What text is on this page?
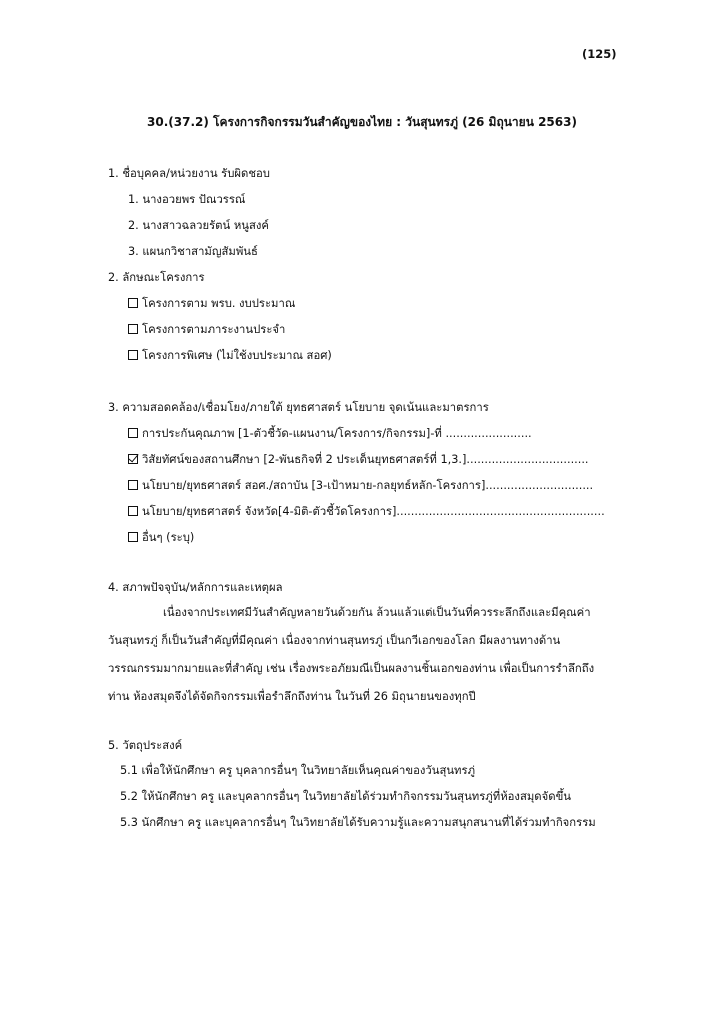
(125)
30.(37.2) โครงการกิจกรรมวันสำคัญของไทย : วันสุนทรภู่ (26 มิถุนายน 2563)
1. ชื่อบุคคล/หน่วยงาน รับผิดชอบ
1. นางอวยพร ปัณวรรณ์
2. นางสาวฉลวยรัตน์ หนูสงค์
3. แผนกวิชาสามัญสัมพันธ์
2. ลักษณะโครงการ
โครงการตาม พรบ. งบประมาณ
โครงการตามภาระงานประจำ
โครงการพิเศษ (ไม่ใช้งบประมาณ สอศ)
3. ความสอดคล้อง/เชื่อมโยง/ภายใต้ ยุทธศาสตร์ นโยบาย จุดเน้นและมาตรการ
การประกันคุณภาพ [1-ตัวชี้วัด-แผนงาน/โครงการ/กิจกรรม]-ที่ ........................
วิสัยทัศน์ของสถานศึกษา [2-พันธกิจที่ 2 ประเด็นยุทธศาสตร์ที่ 1,3.]..................................
นโยบาย/ยุทธศาสตร์ สอศ./สถาบัน [3-เป้าหมาย-กลยุทธ์หลัก-โครงการ]..............................
นโยบาย/ยุทธศาสตร์ จังหวัด[4-มิติ-ตัวชี้วัดโครงการ]..........................................................
อื่นๆ (ระบุ)
4. สภาพปัจจุบัน/หลักการและเหตุผล
เนื่องจากประเทศมีวันสำคัญหลายวันด้วยกัน ล้วนแล้วแต่เป็นวันที่ควรระลึกถึงและมีคุณค่า
วันสุนทรภู่ ก็เป็นวันสำคัญที่มีคุณค่า เนื่องจากท่านสุนทรภู่ เป็นกวีเอกของโลก มีผลงานทางด้าน
วรรณกรรมมากมายและที่สำคัญ เช่น เรื่องพระอภัยมณีเป็นผลงานชิ้นเอกของท่าน เพื่อเป็นการรำลึกถึง
ท่าน ห้องสมุดจึงได้จัดกิจกรรมเพื่อรำลึกถึงท่าน ในวันที่ 26 มิถุนายนของทุกปี
5. วัตถุประสงค์
5.1 เพื่อให้นักศึกษา ครู บุคลากรอื่นๆ ในวิทยาลัยเห็นคุณค่าของวันสุนทรภู่
5.2 ให้นักศึกษา ครู และบุคลากรอื่นๆ ในวิทยาลัยได้ร่วมทำกิจกรรมวันสุนทรภู่ที่ห้องสมุดจัดขึ้น
5.3 นักศึกษา ครู และบุคลากรอื่นๆ ในวิทยาลัยได้รับความรู้และความสนุกสนานที่ได้ร่วมทำกิจกรรม
